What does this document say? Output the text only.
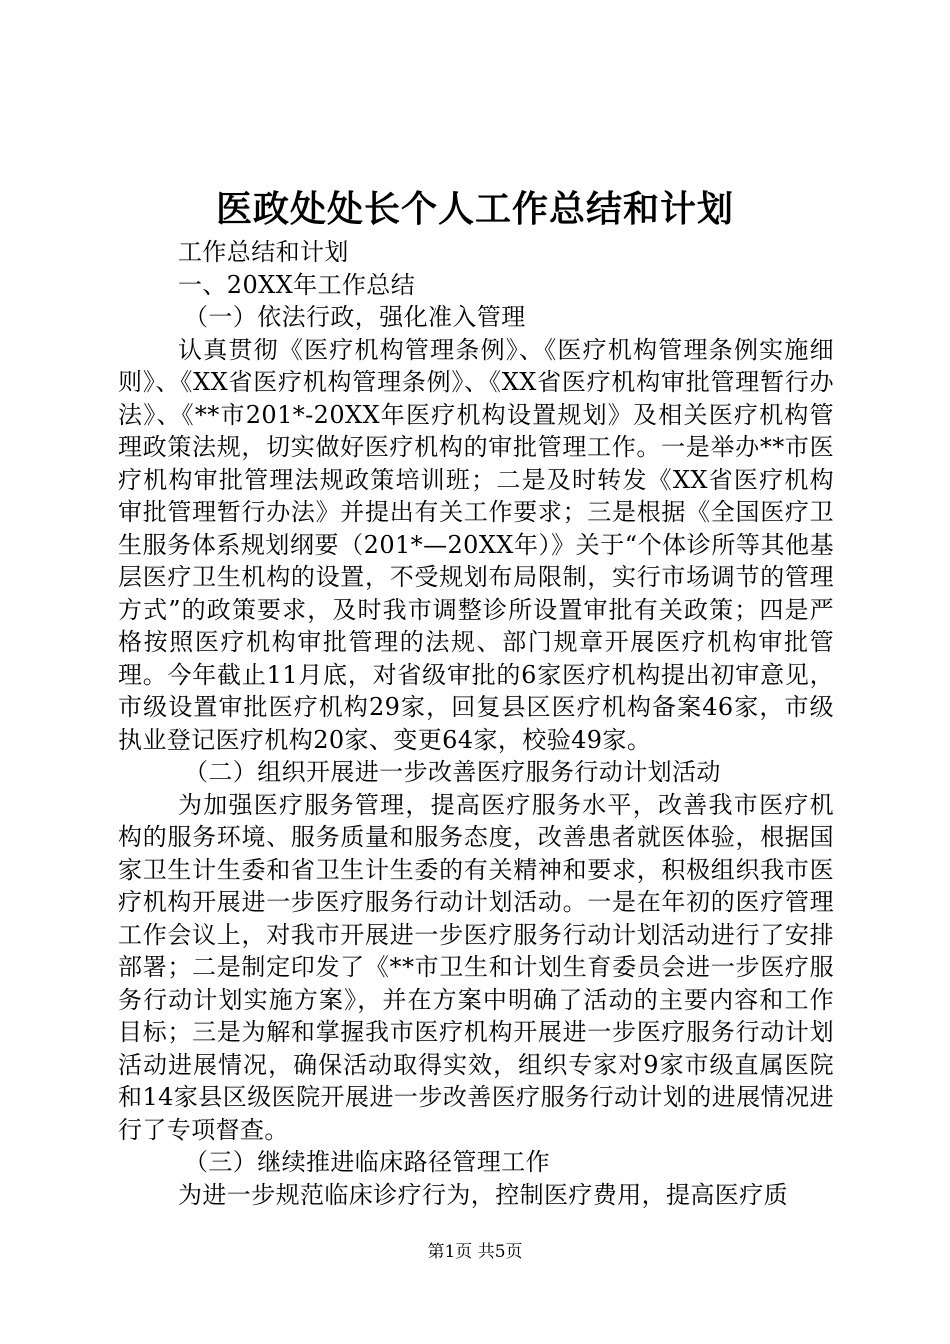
医政处处长个人工作总结和计划

工作总结和计划

一、20XX年工作总结

（一）依法行政，强化准入管理

认真贯彻《医疗机构管理条例》、《医疗机构管理条例实施细则》、《XX省医疗机构管理条例》、《XX省医疗机构审批管理暂行办法》、《**市201*-20XX年医疗机构设置规划》及相关医疗机构管理政策法规，切实做好医疗机构的审批管理工作。一是举办**市医疗机构审批管理法规政策培训班；二是及时转发《XX省医疗机构审批管理暂行办法》并提出有关工作要求；三是根据《全国医疗卫生服务体系规划纲要（201*—20XX年）》关于“个体诊所等其他基层医疗卫生机构的设置，不受规划布局限制，实行市场调节的管理方式”的政策要求，及时我市调整诊所设置审批有关政策；四是严格按照医疗机构审批管理的法规、部门规章开展医疗机构审批管理。今年截止11月底，对省级审批的6家医疗机构提出初审意见，市级设置审批医疗机构29家，回复县区医疗机构备案46家，市级执业登记医疗机构20家、变更64家，校验49家。

（二）组织开展进一步改善医疗服务行动计划活动

为加强医疗服务管理，提高医疗服务水平，改善我市医疗机构的服务环境、服务质量和服务态度，改善患者就医体验，根据国家卫生计生委和省卫生计生委的有关精神和要求，积极组织我市医疗机构开展进一步医疗服务行动计划活动。一是在年初的医疗管理工作会议上，对我市开展进一步医疗服务行动计划活动进行了安排部署；二是制定印发了《**市卫生和计划生育委员会进一步医疗服务行动计划实施方案》，并在方案中明确了活动的主要内容和工作目标；三是为解和掌握我市医疗机构开展进一步医疗服务行动计划活动进展情况，确保活动取得实效，组织专家对9家市级直属医院和14家县区级医院开展进一步改善医疗服务行动计划的进展情况进行了专项督查。

（三）继续推进临床路径管理工作

为进一步规范临床诊疗行为，控制医疗费用，提高医疗质

第1页 共5页
